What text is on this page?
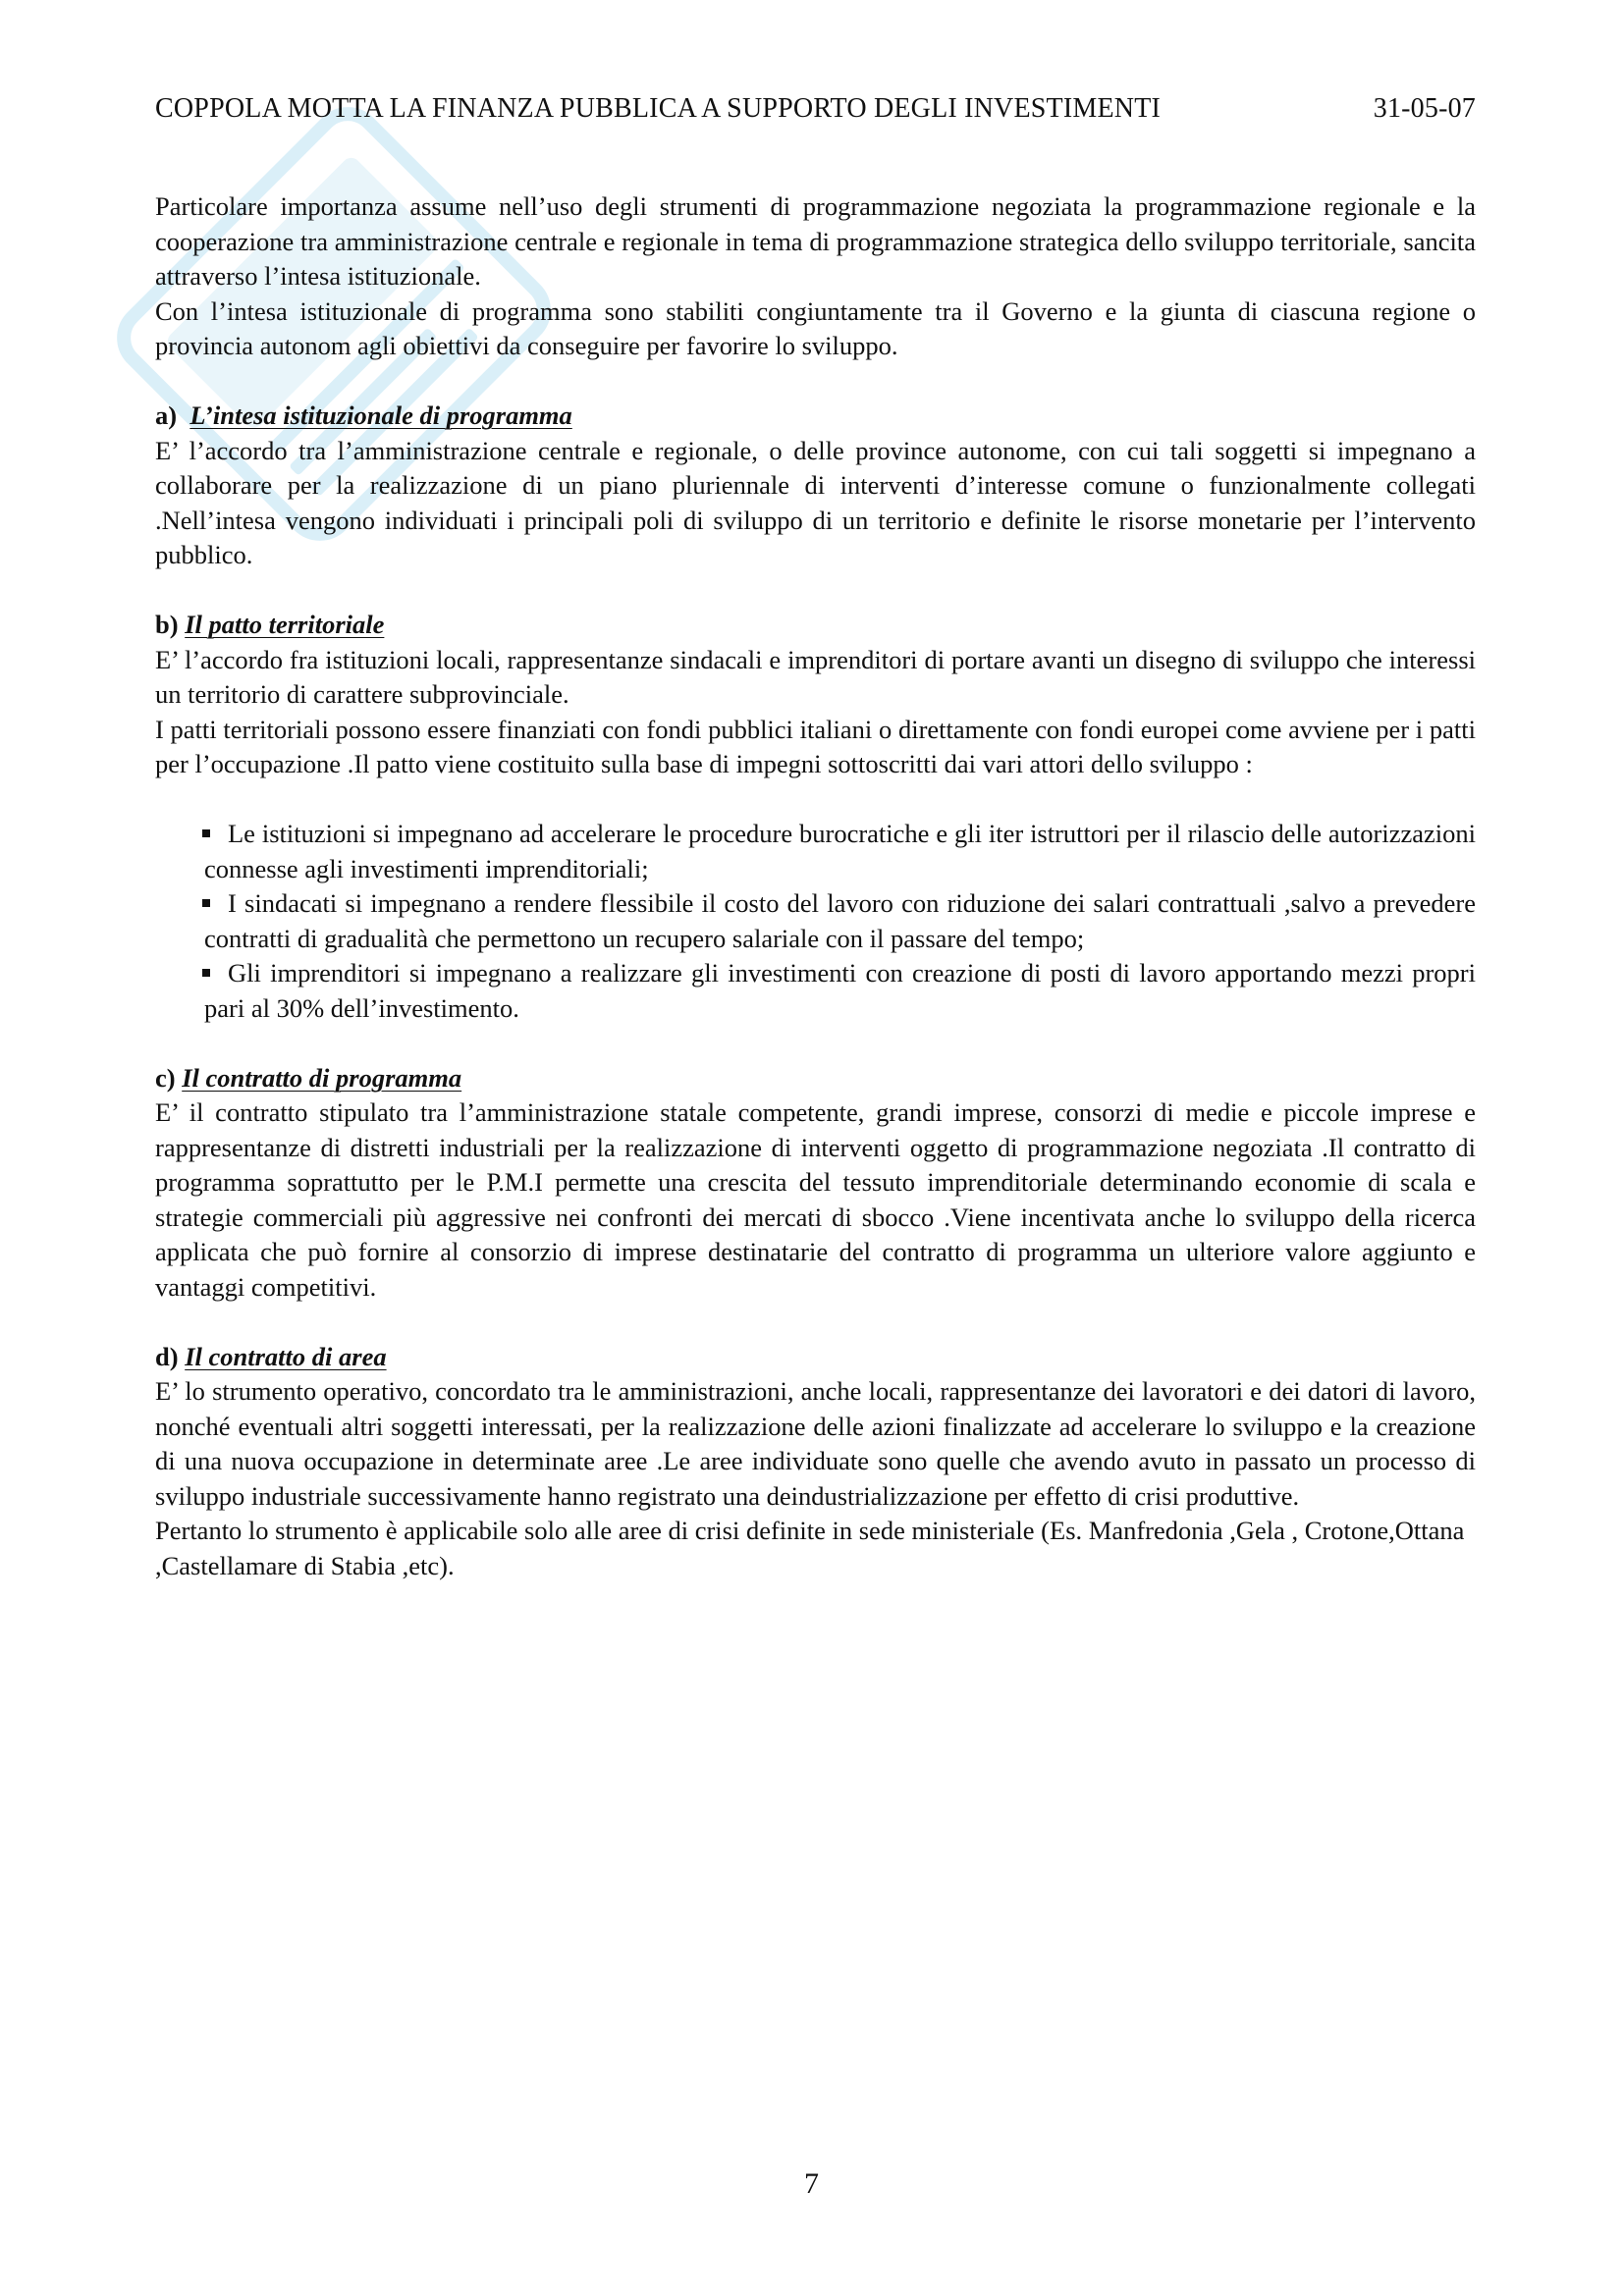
COPPOLA MOTTA LA FINANZA PUBBLICA A SUPPORTO DEGLI INVESTIMENTI	31-05-07

Particolare importanza assume nell’uso degli strumenti di programmazione negoziata la programmazione regionale e la cooperazione tra amministrazione centrale e regionale in tema di programmazione strategica dello sviluppo territoriale, sancita attraverso l’intesa istituzionale.

Con l’intesa istituzionale di programma sono stabiliti congiuntamente tra il Governo e la giunta di ciascuna regione o provincia autonom agli obiettivi da conseguire per favorire lo sviluppo.

a) L’intesa istituzionale di programma

E’ l’accordo tra l’amministrazione centrale e regionale, o delle province autonome, con cui tali soggetti si impegnano a collaborare per la realizzazione di un piano pluriennale di interventi d’interesse comune o funzionalmente collegati .Nell’intesa vengono individuati i principali poli di sviluppo di un territorio e definite le risorse monetarie per l’intervento pubblico.

b) Il patto territoriale

E’ l’accordo fra istituzioni locali, rappresentanze sindacali e imprenditori di portare avanti un disegno di sviluppo che interessi un territorio di carattere subprovinciale.

I patti territoriali possono essere finanziati con fondi pubblici italiani o direttamente con fondi europei come avviene per i patti per l’occupazione .Il patto viene costituito sulla base di impegni sottoscritti dai vari attori dello sviluppo :

Le istituzioni si impegnano ad accelerare le procedure burocratiche e gli iter istruttori per il rilascio delle autorizzazioni connesse agli investimenti imprenditoriali;
I sindacati si impegnano a rendere flessibile il costo del lavoro con riduzione dei salari contrattuali ,salvo a prevedere contratti di gradualità che permettono un recupero salariale con il passare del tempo;
Gli imprenditori si impegnano a realizzare gli investimenti con creazione di posti di lavoro apportando mezzi propri pari al 30% dell’investimento.
c) Il contratto di programma

E’ il contratto stipulato tra l’amministrazione statale competente, grandi imprese, consorzi di medie e piccole imprese e rappresentanze di distretti industriali per la realizzazione di interventi oggetto di programmazione negoziata .Il contratto di programma soprattutto per le P.M.I permette una crescita del tessuto imprenditoriale determinando economie di scala e strategie commerciali più aggressive nei confronti dei mercati di sbocco .Viene incentivata anche lo sviluppo della ricerca applicata che può fornire al consorzio di imprese destinatarie del contratto di programma un ulteriore valore aggiunto e vantaggi competitivi.

d) Il contratto di area

E’ lo strumento operativo, concordato tra le amministrazioni, anche locali, rappresentanze dei lavoratori e dei datori di lavoro, nonché eventuali altri soggetti interessati, per la realizzazione delle azioni finalizzate ad accelerare lo sviluppo e la creazione di una nuova occupazione in determinate aree .Le aree individuate sono quelle che avendo avuto in passato un processo di sviluppo industriale successivamente hanno registrato una deindustrializzazione per effetto di crisi produttive.

Pertanto lo strumento è applicabile solo alle aree di crisi definite in sede ministeriale (Es. Manfredonia ,Gela , Crotone,Ottana ,Castellamare di Stabia ,etc).

7
